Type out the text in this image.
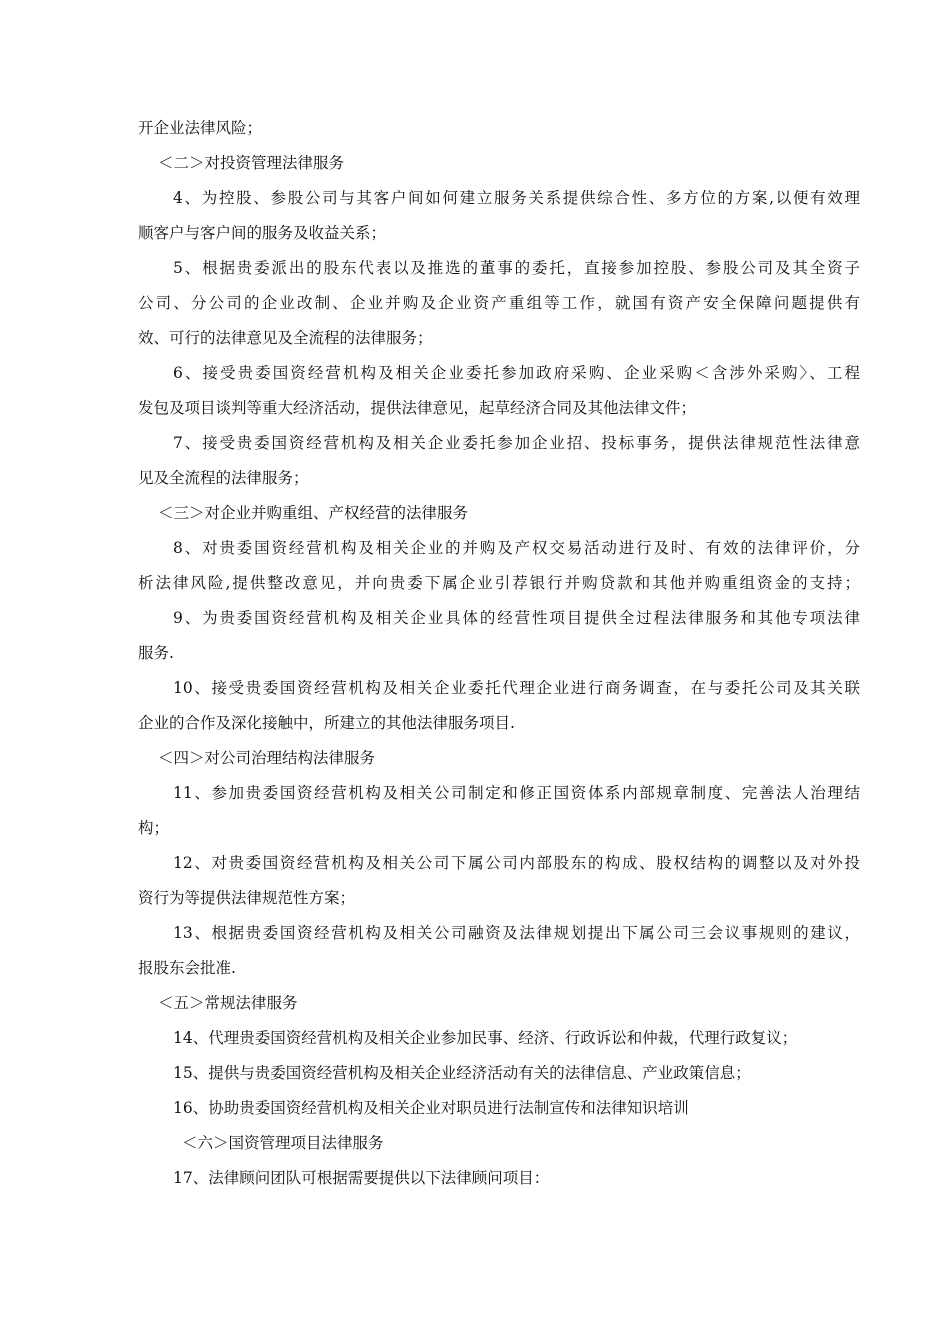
开企业法律风险；
＜二＞对投资管理法律服务
4、为控股、参股公司与其客户间如何建立服务关系提供综合性、多方位的方案,以便有效理
顺客户与客户间的服务及收益关系；
5、根据贵委派出的股东代表以及推选的董事的委托，直接参加控股、参股公司及其全资子
公司、分公司的企业改制、企业并购及企业资产重组等工作，就国有资产安全保障问题提供有
效、可行的法律意见及全流程的法律服务；
6、接受贵委国资经营机构及相关企业委托参加政府采购、企业采购＜含涉外采购〉、工程
发包及项目谈判等重大经济活动，提供法律意见，起草经济合同及其他法律文件；
7、接受贵委国资经营机构及相关企业委托参加企业招、投标事务，提供法律规范性法律意
见及全流程的法律服务；
＜三＞对企业并购重组、产权经营的法律服务
8、对贵委国资经营机构及相关企业的并购及产权交易活动进行及时、有效的法律评价，分
析法律风险,提供整改意见，并向贵委下属企业引荐银行并购贷款和其他并购重组资金的支持；
9、为贵委国资经营机构及相关企业具体的经营性项目提供全过程法律服务和其他专项法律
服务.
10、接受贵委国资经营机构及相关企业委托代理企业进行商务调查，在与委托公司及其关联
企业的合作及深化接触中，所建立的其他法律服务项目.
＜四＞对公司治理结构法律服务
11、参加贵委国资经营机构及相关公司制定和修正国资体系内部规章制度、完善法人治理结
构；
12、对贵委国资经营机构及相关公司下属公司内部股东的构成、股权结构的调整以及对外投
资行为等提供法律规范性方案；
13、根据贵委国资经营机构及相关公司融资及法律规划提出下属公司三会议事规则的建议，
报股东会批准.
＜五＞常规法律服务
14、代理贵委国资经营机构及相关企业参加民事、经济、行政诉讼和仲裁，代理行政复议；
15、提供与贵委国资经营机构及相关企业经济活动有关的法律信息、产业政策信息；
16、协助贵委国资经营机构及相关企业对职员进行法制宣传和法律知识培训
＜六＞国资管理项目法律服务
17、法律顾问团队可根据需要提供以下法律顾问项目：
